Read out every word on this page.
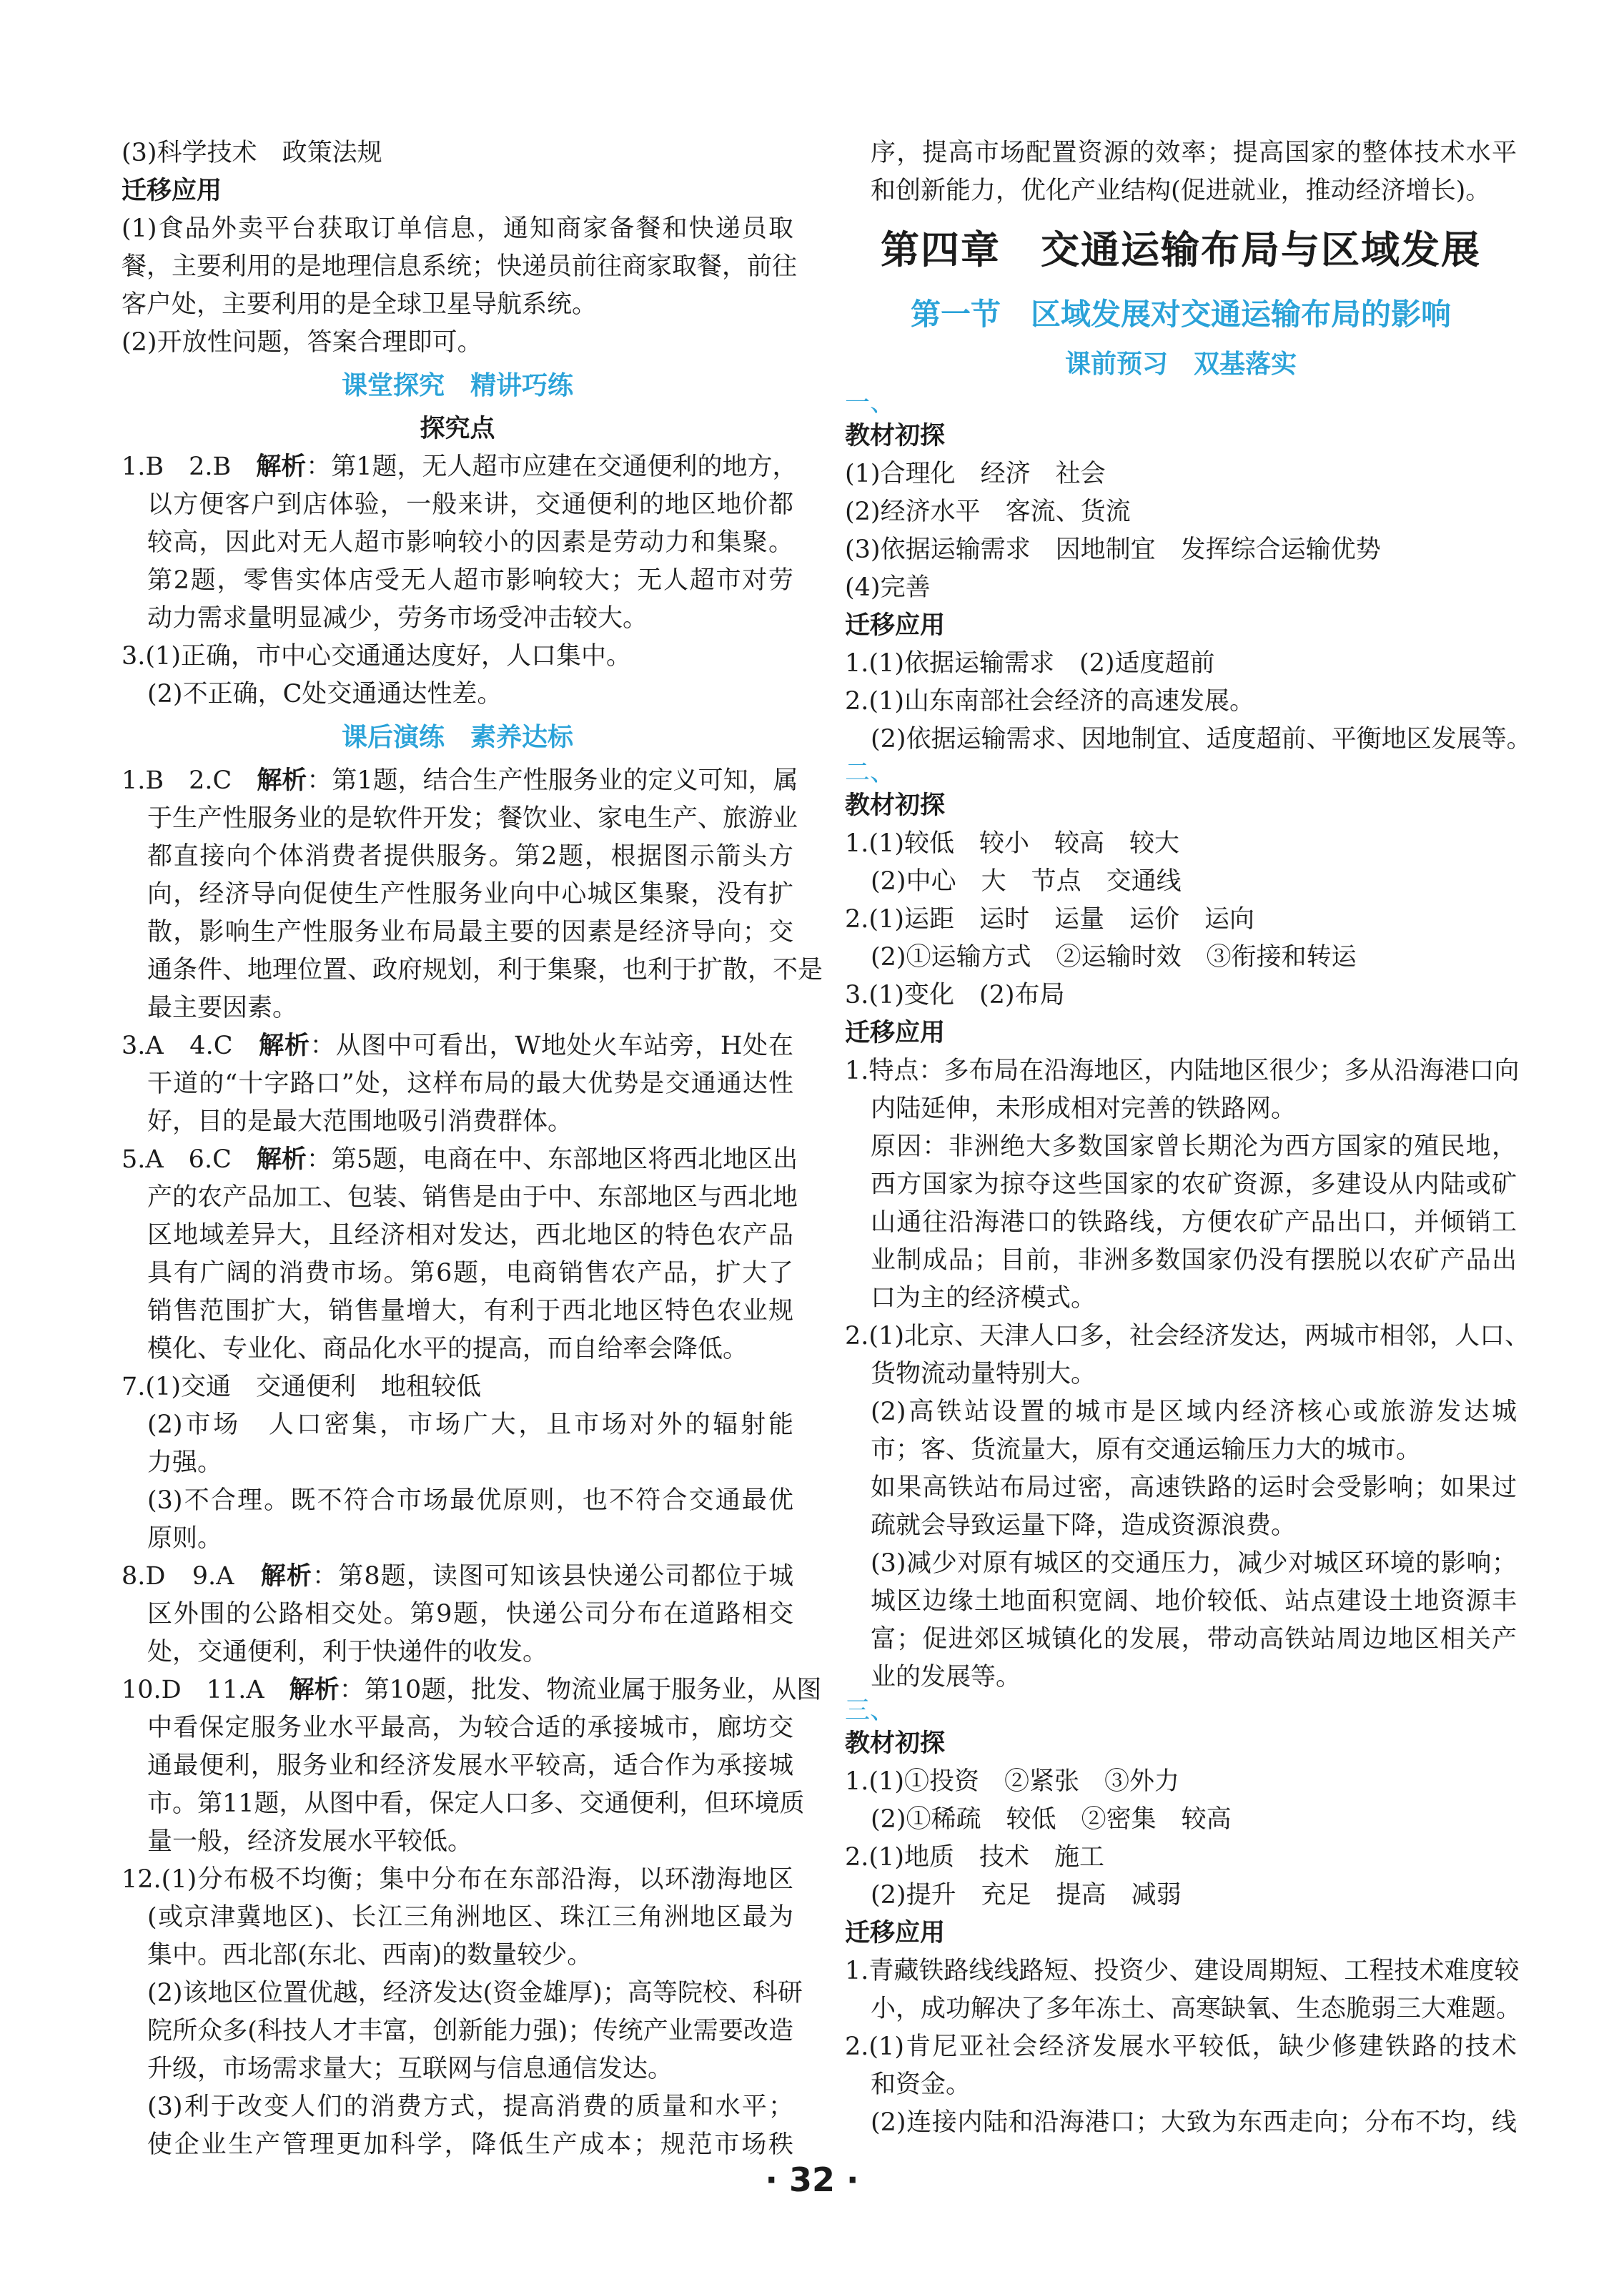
(3)科学技术　政策法规
迁移应用
(1)食品外卖平台获取订单信息，通知商家备餐和快递员取
餐，主要利用的是地理信息系统；快递员前往商家取餐，前往
客户处，主要利用的是全球卫星导航系统。
(2)开放性问题，答案合理即可。
课堂探究　精讲巧练
探究点
1.B　2.B　解析：第1题，无人超市应建在交通便利的地方，
以方便客户到店体验，一般来讲，交通便利的地区地价都
较高，因此对无人超市影响较小的因素是劳动力和集聚。
第2题，零售实体店受无人超市影响较大；无人超市对劳
动力需求量明显减少，劳务市场受冲击较大。
3.(1)正确，市中心交通通达度好，人口集中。
(2)不正确，C处交通通达性差。
课后演练　素养达标
1.B　2.C　解析：第1题，结合生产性服务业的定义可知，属
于生产性服务业的是软件开发；餐饮业、家电生产、旅游业
都直接向个体消费者提供服务。第2题，根据图示箭头方
向，经济导向促使生产性服务业向中心城区集聚，没有扩
散，影响生产性服务业布局最主要的因素是经济导向；交
通条件、地理位置、政府规划，利于集聚，也利于扩散，不是
最主要因素。
3.A　4.C　解析：从图中可看出，W地处火车站旁，H处在
干道的“十字路口”处，这样布局的最大优势是交通通达性
好，目的是最大范围地吸引消费群体。
5.A　6.C　解析：第5题，电商在中、东部地区将西北地区出
产的农产品加工、包装、销售是由于中、东部地区与西北地
区地域差异大，且经济相对发达，西北地区的特色农产品
具有广阔的消费市场。第6题，电商销售农产品，扩大了
销售范围扩大，销售量增大，有利于西北地区特色农业规
模化、专业化、商品化水平的提高，而自给率会降低。
7.(1)交通　交通便利　地租较低
(2)市场　人口密集，市场广大，且市场对外的辐射能
力强。
(3)不合理。既不符合市场最优原则，也不符合交通最优
原则。
8.D　9.A　解析：第8题，读图可知该县快递公司都位于城
区外围的公路相交处。第9题，快递公司分布在道路相交
处，交通便利，利于快递件的收发。
10.D　11.A　解析：第10题，批发、物流业属于服务业，从图
中看保定服务业水平最高，为较合适的承接城市，廊坊交
通最便利，服务业和经济发展水平较高，适合作为承接城
市。第11题，从图中看，保定人口多、交通便利，但环境质
量一般，经济发展水平较低。
12.(1)分布极不均衡；集中分布在东部沿海，以环渤海地区
(或京津冀地区)、长江三角洲地区、珠江三角洲地区最为
集中。西北部(东北、西南)的数量较少。
(2)该地区位置优越，经济发达(资金雄厚)；高等院校、科研
院所众多(科技人才丰富，创新能力强)；传统产业需要改造
升级，市场需求量大；互联网与信息通信发达。
(3)利于改变人们的消费方式，提高消费的质量和水平；
使企业生产管理更加科学，降低生产成本；规范市场秩
序，提高市场配置资源的效率；提高国家的整体技术水平
和创新能力，优化产业结构(促进就业，推动经济增长)。
第四章　交通运输布局与区域发展
第一节　区域发展对交通运输布局的影响
课前预习　双基落实
一、
教材初探
(1)合理化　经济　社会
(2)经济水平　客流、货流
(3)依据运输需求　因地制宜　发挥综合运输优势
(4)完善
迁移应用
1.(1)依据运输需求　(2)适度超前
2.(1)山东南部社会经济的高速发展。
(2)依据运输需求、因地制宜、适度超前、平衡地区发展等。
二、
教材初探
1.(1)较低　较小　较高　较大
(2)中心　大　节点　交通线
2.(1)运距　运时　运量　运价　运向
(2)①运输方式　②运输时效　③衔接和转运
3.(1)变化　(2)布局
迁移应用
1.特点：多布局在沿海地区，内陆地区很少；多从沿海港口向
内陆延伸，未形成相对完善的铁路网。
原因：非洲绝大多数国家曾长期沦为西方国家的殖民地，
西方国家为掠夺这些国家的农矿资源，多建设从内陆或矿
山通往沿海港口的铁路线，方便农矿产品出口，并倾销工
业制成品；目前，非洲多数国家仍没有摆脱以农矿产品出
口为主的经济模式。
2.(1)北京、天津人口多，社会经济发达，两城市相邻，人口、
货物流动量特别大。
(2)高铁站设置的城市是区域内经济核心或旅游发达城
市；客、货流量大，原有交通运输压力大的城市。
如果高铁站布局过密，高速铁路的运时会受影响；如果过
疏就会导致运量下降，造成资源浪费。
(3)减少对原有城区的交通压力，减少对城区环境的影响；
城区边缘土地面积宽阔、地价较低、站点建设土地资源丰
富；促进郊区城镇化的发展，带动高铁站周边地区相关产
业的发展等。
三、
教材初探
1.(1)①投资　②紧张　③外力
(2)①稀疏　较低　②密集　较高
2.(1)地质　技术　施工
(2)提升　充足　提高　减弱
迁移应用
1.青藏铁路线线路短、投资少、建设周期短、工程技术难度较
小，成功解决了多年冻土、高寒缺氧、生态脆弱三大难题。
2.(1)肯尼亚社会经济发展水平较低，缺少修建铁路的技术
和资金。
(2)连接内陆和沿海港口；大致为东西走向；分布不均，线
· 32 ·
